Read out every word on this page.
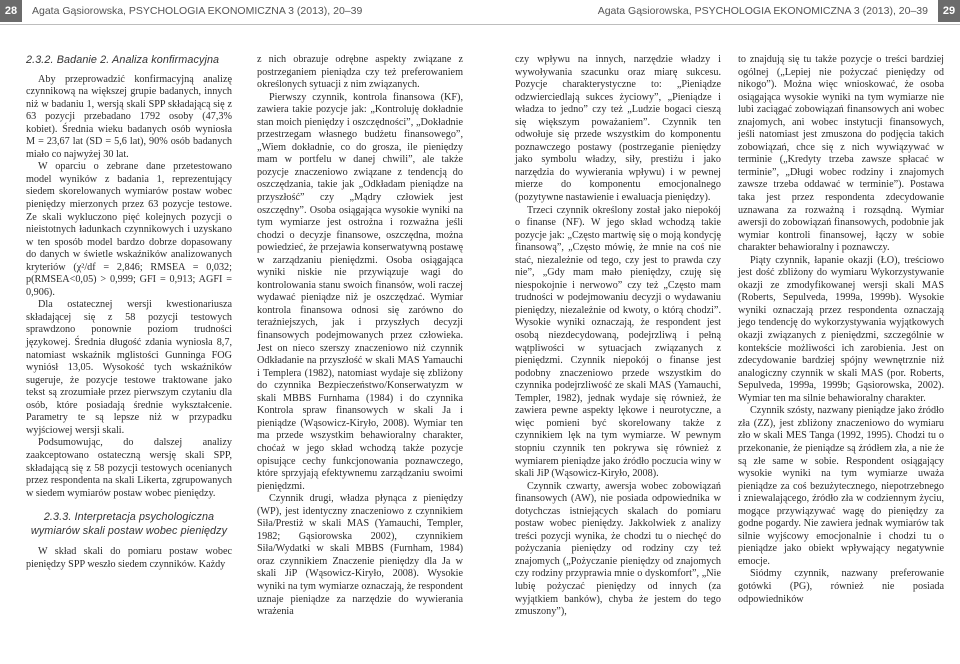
28	Agata Gąsiorowska, PSYCHOLOGIA EKONOMICZNA 3 (2013), 20–39	Agata Gąsiorowska, PSYCHOLOGIA EKONOMICZNA 3 (2013), 20–39	29
2.3.2. Badanie 2. Analiza konfirmacyjna

Aby przeprowadzić konfirmacyjną analizę czynnikową na większej grupie badanych, innych niż w badaniu 1, wersją skali SPP składającą się z 63 pozycji przebadano 1792 osoby (47,3% kobiet). Średnia wieku badanych osób wyniosła M = 23,67 lat (SD = 5,6 lat), 90% osób badanych miało co najwyżej 30 lat.

W oparciu o zebrane dane przetestowano model wyników z badania 1, reprezentujący siedem skorelowanych wymiarów postaw wobec pieniędzy mierzonych przez 63 pozycje testowe. Ze skali wykluczono pięć kolejnych pozycji o nieistotnych ładunkach czynnikowych i uzyskano w ten sposób model bardzo dobrze dopasowany do danych w świetle wskaźników analizowanych kryteriów (χ²/df = 2,846; RMSEA = 0,032; p(RMSEA<0,05) > 0,999; GFI = 0,913; AGFI = 0,906).

Dla ostatecznej wersji kwestionariusza składającej się z 58 pozycji testowych sprawdzono ponownie poziom trudności językowej. Średnia długość zdania wyniosła 8,7, natomiast wskaźnik mglistości Gunninga FOG wyniósł 13,05. Wysokość tych wskaźników sugeruje, że pozycje testowe traktowane jako tekst są zrozumiałe przez pierwszym czytaniu dla osób, które posiadają średnie wykształcenie. Parametry te są lepsze niż w przypadku wyjściowej wersji skali.

Podsumowując, do dalszej analizy zaakceptowano ostateczną wersję skali SPP, składającą się z 58 pozycji testowych ocenianych przez respondenta na skali Likerta, zgrupowanych w siedem wymiarów postaw wobec pieniędzy.

2.3.3. Interpretacja psychologiczna wymiarów skali postaw wobec pieniędzy

W skład skali do pomiaru postaw wobec pieniędzy SPP weszło siedem czynników. Każdy

z nich obrazuje odrębne aspekty związane z postrzeganiem pieniądza czy też preferowaniem określonych sytuacji z nim związanych.

Pierwszy czynnik, kontrola finansowa (KF), zawiera takie pozycje jak: „Kontroluję dokładnie stan moich pieniędzy i oszczędności”, „Dokładnie przestrzegam własnego budżetu finansowego”, „Wiem dokładnie, co do grosza, ile pieniędzy mam w portfelu w danej chwili”, ale także pozycje znaczeniowo związane z tendencją do oszczędzania, takie jak „Odkładam pieniądze na przyszłość” czy „Mądry człowiek jest oszczędny”. Osoba osiągająca wysokie wyniki na tym wymiarze jest ostrożna i rozważna jeśli chodzi o decyzje finansowe, oszczędna, można powiedzieć, że przejawia konserwatywną postawę w zarządzaniu pieniędzmi. Osoba osiągająca wyniki niskie nie przywiązuje wagi do kontrolowania stanu swoich finansów, woli raczej wydawać pieniądze niż je oszczędzać. Wymiar kontrola finansowa odnosi się zarówno do teraźniejszych, jak i przyszłych decyzji finansowych podejmowanych przez człowieka. Jest on nieco szerszy znaczeniowo niż czynnik Odkładanie na przyszłość w skali MAS Yamauchi i Templera (1982), natomiast wydaje się zbliżony do czynnika Bezpieczeństwo/Konserwatyzm w skali MBBS Furnhama (1984) i do czynnika Kontrola spraw finansowych w skali Ja i pieniądze (Wąsowicz-Kiryło, 2008). Wymiar ten ma przede wszystkim behawioralny charakter, choćaż w jego skład wchodzą także pozycje opisujące cechy funkcjonowania poznawczego, które sprzyjają efektywnemu zarządzaniu swoimi pieniędzmi.

Czynnik drugi, władza płynąca z pieniędzy (WP), jest identyczny znaczeniowo z czynnikiem Siła/Prestiż w skali MAS (Yamauchi, Templer, 1982; Gąsiorowska 2002), czynnikiem Siła/Wydatki w skali MBBS (Furnham, 1984) oraz czynnikiem Znaczenie pieniędzy dla Ja w skali JiP (Wąsowicz-Kiryło, 2008). Wysokie wyniki na tym wymiarze oznaczają, że respondent uznaje pieniądze za narzędzie do wywierania wrażenia

czy wpływu na innych, narzędzie władzy i wywoływania szacunku oraz miarę sukcesu. Pozycje charakterystyczne to: „Pieniądze odzwierciedlają sukces życiowy”, „Pieniądze i władza to jedno” czy też „Ludzie bogaci cieszą się większym poważaniem”. Czynnik ten odwołuje się przede wszystkim do komponentu poznawczego postawy (postrzeganie pieniędzy jako symbolu władzy, siły, prestiżu i jako narzędzia do wywierania wpływu) i w pewnej mierze do komponentu emocjonalnego (pozytywne nastawienie i ewaluacja pieniędzy).

Trzeci czynnik określony został jako niepokój o finanse (NF). W jego skład wchodzą takie pozycje jak: „Często martwię się o moją kondycję finansową”, „Często mówię, że mnie na coś nie stać, niezależnie od tego, czy jest to prawda czy nie”, „Gdy mam mało pieniędzy, czuję się niespokojnie i nerwowo” czy też „Często mam trudności w podejmowaniu decyzji o wydawaniu pieniędzy, niezależnie od kwoty, o którą chodzi”. Wysokie wyniki oznaczają, że respondent jest osobą niezdecydowaną, podejrzliwą i pełną wątpliwości w sytuacjach związanych z pieniędzmi. Czynnik niepokój o finanse jest podobny znaczeniowo przede wszystkim do czynnika podejrzliwość ze skali MAS (Yamauchi, Templer, 1982), jednak wydaje się również, że zawiera pewne aspekty lękowe i neurotyczne, a więc pomieni być skorelowany także z czynnikiem lęk na tym wymiarze. W pewnym stopniu czynnik ten pokrywa się również z wymiarem pieniądze jako źródło poczucia winy w skali JiP (Wąsowicz-Kiryło, 2008).

Czynnik czwarty, awersja wobec zobowiązań finansowych (AW), nie posiada odpowiednika w dotychczas istniejących skalach do pomiaru postaw wobec pieniędzy. Jakkolwiek z analizy treści pozycji wynika, że chodzi tu o niechęć do pożyczania pieniędzy od rodziny czy też znajomych („Pożyczanie pieniędzy od znajomych czy rodziny przyprawia mnie o dyskomfort”, „Nie lubię pożyczać pieniędzy od innych (za wyjątkiem banków), chyba że jestem do tego zmuszony”),

to znajdują się tu także pozycje o treści bardziej ogólnej („Lepiej nie pożyczać pieniędzy od nikogo”). Można więc wnioskować, że osoba osiągająca wysokie wyniki na tym wymiarze nie lubi zaciągać zobowiązań finansowych ani wobec znajomych, ani wobec instytucji finansowych, jeśli natomiast jest zmuszona do podjęcia takich zobowiązań, chce się z nich wywiązywać w terminie („Kredyty trzeba zawsze spłacać w terminie”, „Długi wobec rodziny i znajomych zawsze trzeba oddawać w terminie”). Postawa taka jest przez respondenta zdecydowanie uznawana za rozważną i rozsądną. Wymiar awersji do zobowiązań finansowych, podobnie jak wymiar kontroli finansowej, łączy w sobie charakter behawioralny i poznawczy.

Piąty czynnik, łapanie okazji (ŁO), treściowo jest dość zbliżony do wymiaru Wykorzystywanie okazji ze zmodyfikowanej wersji skali MAS (Roberts, Sepulveda, 1999a, 1999b). Wysokie wyniki oznaczają przez respondenta oznaczają jego tendencję do wykorzystywania wyjątkowych okazji związanych z pieniędzmi, szczególnie w kontekście możliwości ich zarobienia. Jest on zdecydowanie bardziej spójny wewnętrznie niż analogiczny czynnik w skali MAS (por. Roberts, Sepulveda, 1999a, 1999b; Gąsiorowska, 2002). Wymiar ten ma silnie behawioralny charakter.

Czynnik szósty, nazwany pieniądze jako źródło zła (ZZ), jest zbliżony znaczeniowo do wymiaru zło w skali MES Tanga (1992, 1995). Chodzi tu o przekonanie, że pieniądze są źródłem zła, a nie że są złe same w sobie. Respondent osiągający wysokie wyniki na tym wymiarze uważa pieniądze za coś bezużytecznego, niepotrzebnego i zniewalającego, źródło zła w codziennym życiu, mogące przywiązywać wagę do pieniędzy za godne pogardy. Nie zawiera jednak wymiarów tak silnie wyjścowy emocjonalnie i chodzi tu o pieniądze jako obiekt wpływający negatywnie emocje.

Siódmy czynnik, nazwany preferowanie gotówki (PG), również nie posiada odpowiedników
